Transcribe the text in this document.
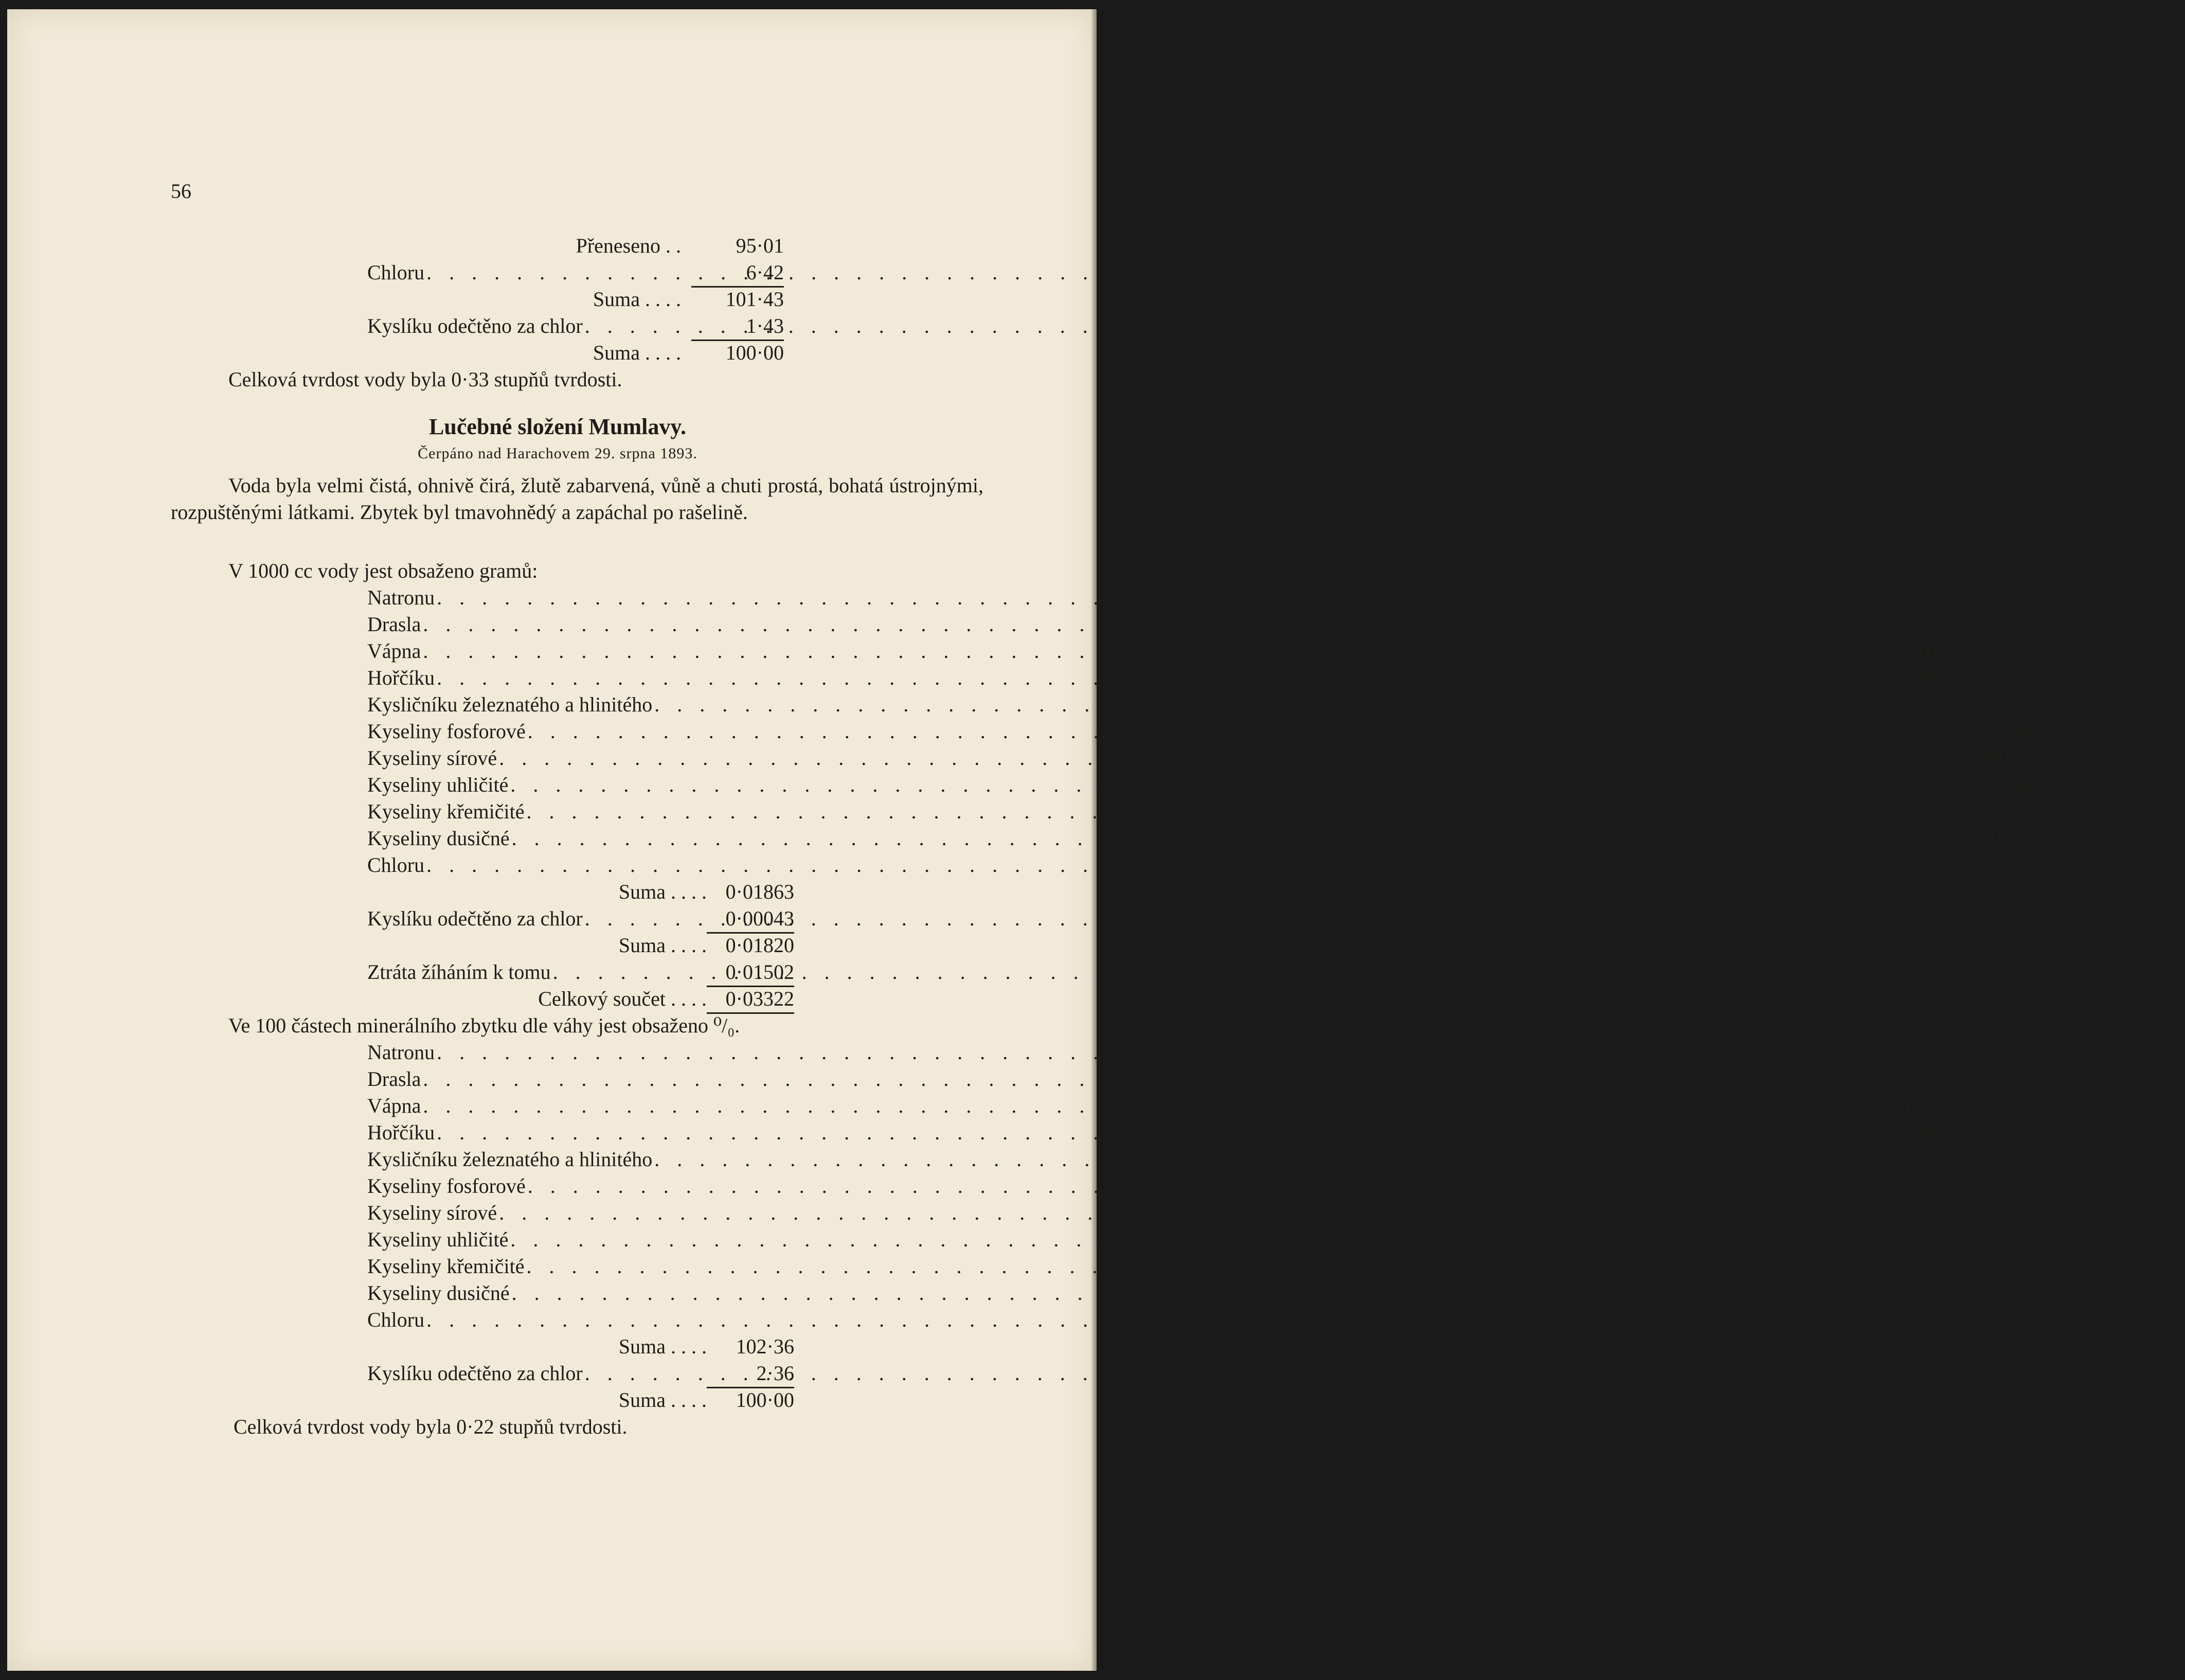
56
Přeneseno . .	95·01
Chloru . . .	6·42
Suma . . . .	101·43
Kyslíku odečtěno za chlor . . .	1·43
Suma . . . .	100·00
Celková tvrdost vody byla 0·33 stupňů tvrdosti.
Lučebné složení Mumlavy.
Čerpáno nad Harachovem 29. srpna 1893.
Voda byla velmi čistá, ohnivě čirá, žlutě zabarvená, vůně a chuti prostá, bohatá ústrojnými, rozpuštěnými látkami. Zbytek byl tmavohnědý a zapáchal po rašelině.
V 1000 cc vody jest obsaženo gramů:
Natronu . . .	0·00203
Drasla . . .	0·00232
Vápna . . .	0·00166
Hořčíku . . .	0·00036
Kysličníku železnatého a hlinitého . . .	0·00162
Kyseliny fosforové . . .	stopy
Kyseliny sírové . . .	0·00078
Kyseliny uhličité . . .	0·00308
Kyseliny křemičité . . .	0·00435
Kyseliny dusičné . . .	0·00049
Chloru . . .	0·00194
Suma . . . . 0·01863
Kyslíku odečtěno za chlor . . .	0·00043
Suma . . . . 0·01820
Ztráta žíháním k tomu . . .	0·01502
Celkový součet . . . . 0·03322
Ve 100 částech minerálního zbytku dle váhy jest obsaženo ⁰/₀.
Natronu . . .	11·15
Drasla . . .	11·76
Vápna . . .	9·12
Hořčíku . . .	1·98
Kysličníku železnatého a hlinitého . . .	8·90
Kyseliny fosforové . . .	stopy
Kyseliny sírové . . .	4·29
Kyseliny uhličité . . .	16·92
Kyseliny křemičité . . .	24·89
Kyseliny dusičné . . .	2·69
Chloru . . .	10·66
Suma . . . .	102·36
Kyslíku odečtěno za chlor . . .	2·36
Suma . . . .	100·00
Celková tvrdost vody byla 0·22 stupňů tvrdosti.
